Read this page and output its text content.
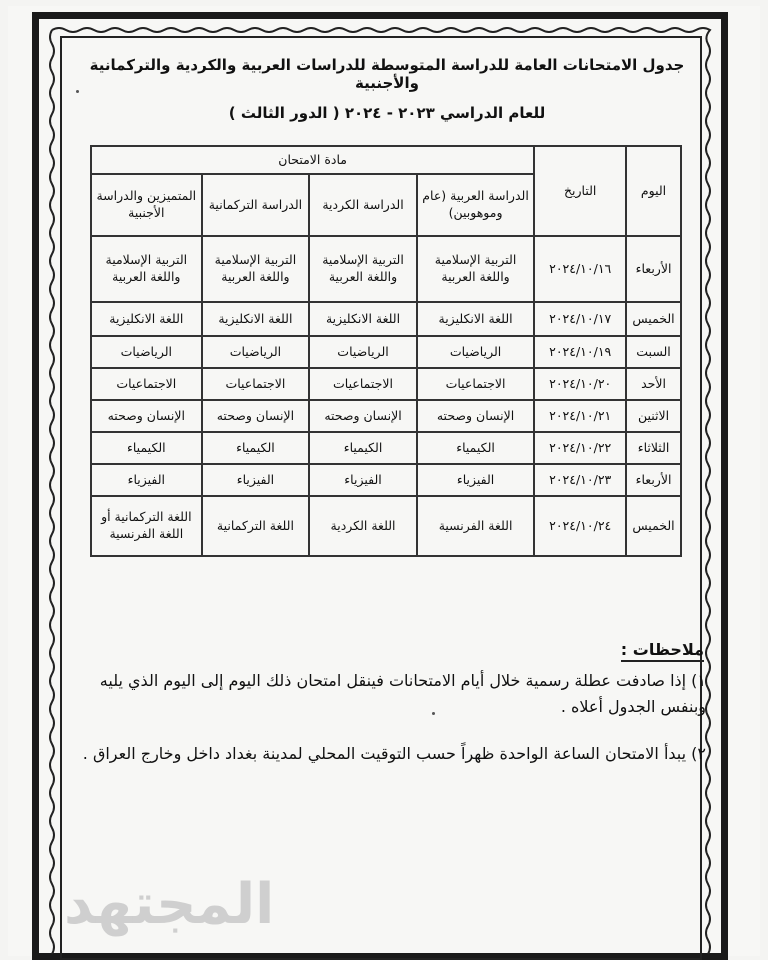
جدول الامتحانات العامة للدراسة المتوسطة للدراسات العربية والكردية والتركمانية والأجنبية
للعام الدراسي ٢٠٢٣ - ٢٠٢٤ ( الدور الثالث )
اليوم	التاريخ	مادة الامتحان			
		الدراسة العربية (عام وموهوبين)	الدراسة الكردية	الدراسة التركمانية	المتميزين والدراسة الأجنبية
الأربعاء	٢٠٢٤/١٠/١٦	التربية الإسلامية واللغة العربية	التربية الإسلامية واللغة العربية	التربية الإسلامية واللغة العربية	التربية الإسلامية واللغة العربية
الخميس	٢٠٢٤/١٠/١٧	اللغة الانكليزية	اللغة الانكليزية	اللغة الانكليزية	اللغة الانكليزية
السبت	٢٠٢٤/١٠/١٩	الرياضيات	الرياضيات	الرياضيات	الرياضيات
الأحد	٢٠٢٤/١٠/٢٠	الاجتماعيات	الاجتماعيات	الاجتماعيات	الاجتماعيات
الاثنين	٢٠٢٤/١٠/٢١	الإنسان وصحته	الإنسان وصحته	الإنسان وصحته	الإنسان وصحته
الثلاثاء	٢٠٢٤/١٠/٢٢	الكيمياء	الكيمياء	الكيمياء	الكيمياء
الأربعاء	٢٠٢٤/١٠/٢٣	الفيزياء	الفيزياء	الفيزياء	الفيزياء
الخميس	٢٠٢٤/١٠/٢٤	اللغة الفرنسية	اللغة الكردية	اللغة التركمانية	اللغة التركمانية أو اللغة الفرنسية
ملاحظات :
١) إذا صادفت عطلة رسمية خلال أيام الامتحانات فينقل امتحان ذلك اليوم إلى اليوم الذي يليه وبنفس الجدول أعلاه .
٢) يبدأ الامتحان الساعة الواحدة ظهراً حسب التوقيت المحلي لمدينة بغداد داخل وخارج العراق .
المجتهد
